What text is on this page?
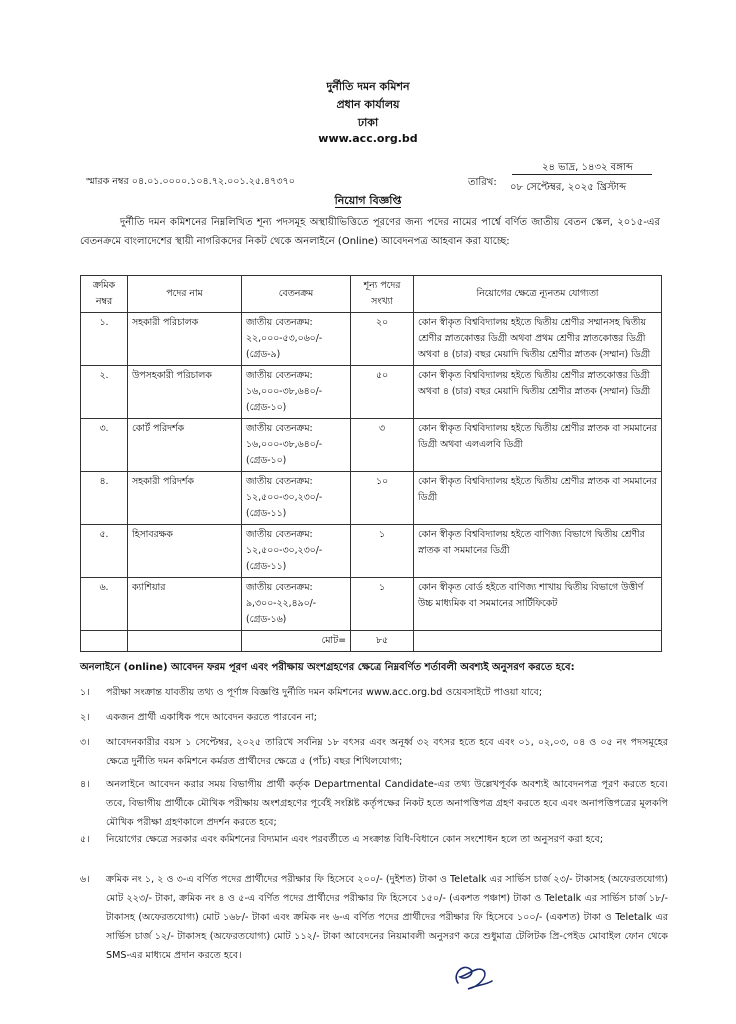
দুর্নীতি দমন কমিশন
প্রধান কার্যালয়
ঢাকা
www.acc.org.bd
স্মারক নম্বর ০৪.০১.০০০০.১০৪.৭২.০০১.২৫.৪৭৩৭০	তারিখ:
২৪ ভাদ্র, ১৪৩২ বঙ্গাব্দ
০৮ সেপ্টেম্বর, ২০২৫ খ্রিস্টাব্দ
নিয়োগ বিজ্ঞপ্তি
দুর্নীতি দমন কমিশনের নিম্নলিখিত শূন্য পদসমূহ অস্থায়ীভিত্তিতে পূরণের জন্য পদের নামের পার্শ্বে বর্ণিত জাতীয় বেতন স্কেল, ২০১৫-এর বেতনক্রমে বাংলাদেশের স্থায়ী নাগরিকদের নিকট থেকে অনলাইনে (Online) আবেদনপত্র আহবান করা যাচ্ছে:
ক্রমিক নম্বর	পদের নাম	বেতনক্রম	শূন্য পদের সংখ্যা	নিয়োগের ক্ষেত্রে ন্যূনতম যোগ্যতা
১.	সহকারী পরিচালক	জাতীয় বেতনক্রম: ২২,০০০-৫৩,০৬০/- (গ্রেড-৯)	২০	কোন স্বীকৃত বিশ্ববিদ্যালয় হইতে দ্বিতীয় শ্রেণীর সম্মানসহ দ্বিতীয় শ্রেণীর স্নাতকোত্তর ডিগ্রী অথবা প্রথম শ্রেণীর স্নাতকোত্তর ডিগ্রী অথবা ৪ (চার) বছর মেয়াদি দ্বিতীয় শ্রেণীর স্নাতক (সম্মান) ডিগ্রী
২.	উপসহকারী পরিচালক	জাতীয় বেতনক্রম: ১৬,০০০-৩৮,৬৪০/- (গ্রেড-১০)	৫০	কোন স্বীকৃত বিশ্ববিদ্যালয় হইতে দ্বিতীয় শ্রেণীর স্নাতকোত্তর ডিগ্রী অথবা ৪ (চার) বছর মেয়াদি দ্বিতীয় শ্রেণীর স্নাতক (সম্মান) ডিগ্রী
৩.	কোর্ট পরিদর্শক	জাতীয় বেতনক্রম: ১৬,০০০-৩৮,৬৪০/- (গ্রেড-১০)	৩	কোন স্বীকৃত বিশ্ববিদ্যালয় হইতে দ্বিতীয় শ্রেণীর স্নাতক বা সমমানের ডিগ্রী অথবা এলএলবি ডিগ্রী
৪.	সহকারী পরিদর্শক	জাতীয় বেতনক্রম: ১২,৫০০-৩০,২৩০/- (গ্রেড-১১)	১০	কোন স্বীকৃত বিশ্ববিদ্যালয় হইতে দ্বিতীয় শ্রেণীর স্নাতক বা সমমানের ডিগ্রী
৫.	হিসাবরক্ষক	জাতীয় বেতনক্রম: ১২,৫০০-৩০,২৩০/- (গ্রেড-১১)	১	কোন স্বীকৃত বিশ্ববিদ্যালয় হইতে বাণিজ্য বিভাগে দ্বিতীয় শ্রেণীর স্নাতক বা সমমানের ডিগ্রী
৬.	ক্যাশিয়ার	জাতীয় বেতনক্রম: ৯,৩০০-২২,৪৯০/- (গ্রেড-১৬)	১	কোন স্বীকৃত বোর্ড হইতে বাণিজ্য শাখায় দ্বিতীয় বিভাগে উত্তীর্ণ উচ্চ মাধ্যমিক বা সমমানের সার্টিফিকেট
		মোট=	৮৫	
অনলাইনে (online) আবেদন ফরম পূরণ এবং পরীক্ষায় অংশগ্রহণের ক্ষেত্রে নিম্নবর্ণিত শর্তাবলী অবশ্যই অনুসরণ করতে হবে:
১।	পরীক্ষা সংক্রান্ত যাবতীয় তথ্য ও পূর্ণাঙ্গ বিজ্ঞপ্তি দুর্নীতি দমন কমিশনের www.acc.org.bd ওয়েবসাইটে পাওয়া যাবে;
২।	একজন প্রার্থী একাধিক পদে আবেদন করতে পারবেন না;
৩।	আবেদনকারীর বয়স ১ সেপ্টেম্বর, ২০২৫ তারিখে সর্বনিম্ন ১৮ বৎসর এবং অনূর্ধ্ব ৩২ বৎসর হতে হবে এবং ০১, ০২,০৩, ০৪ ও ০৫ নং পদসমূহের ক্ষেত্রে দুর্নীতি দমন কমিশনে কর্মরত প্রার্থীদের ক্ষেত্রে ৫ (পাঁচ) বছর শিথিলযোগ্য;
৪।	অনলাইনে আবেদন করার সময় বিভাগীয় প্রার্থী কর্তৃক Departmental Candidate-এর তথ্য উল্লেখপূর্বক অবশ্যই আবেদনপত্র পূরণ করতে হবে। তবে, বিভাগীয় প্রার্থীকে মৌখিক পরীক্ষায় অংশগ্রহণের পূর্বেই সংশ্লিষ্ট কর্তৃপক্ষের নিকট হতে অনাপত্তিপত্র গ্রহণ করতে হবে এবং অনাপত্তিপত্রের মূলকপি মৌখিক পরীক্ষা গ্রহণকালে প্রদর্শন করতে হবে;
৫।	নিয়োগের ক্ষেত্রে সরকার এবং কমিশনের বিদ্যমান এবং পরবর্তীতে এ সংক্রান্ত বিধি-বিধানে কোন সংশোধন হলে তা অনুসরণ করা হবে;
৬।	ক্রমিক নং ১, ২ ও ৩-এ বর্ণিত পদের প্রার্থীদের পরীক্ষার ফি হিসেবে ২০০/- (দুইশত) টাকা ও Teletalk এর সার্ভিস চার্জ ২৩/- টাকাসহ (অফেরতযোগ্য) মোট ২২৩/- টাকা, ক্রমিক নং ৪ ও ৫-এ বর্ণিত পদের প্রার্থীদের পরীক্ষার ফি হিসেবে ১৫০/- (একশত পঞ্চাশ) টাকা ও Teletalk এর সার্ভিস চার্জ ১৮/- টাকাসহ (অফেরতযোগ্য) মোট ১৬৮/- টাকা এবং ক্রমিক নং ৬-এ বর্ণিত পদের প্রার্থীদের পরীক্ষার ফি হিসেবে ১০০/- (একশত) টাকা ও Teletalk এর সার্ভিস চার্জ ১২/- টাকাসহ (অফেরতযোগ্য) মোট ১১২/- টাকা আবেদনের নিয়মাবলী অনুসরণ করে শুধুমাত্র টেলিটক প্রি-পেইড মোবাইল ফোন থেকে SMS-এর মাধ্যমে প্রদান করতে হবে।
